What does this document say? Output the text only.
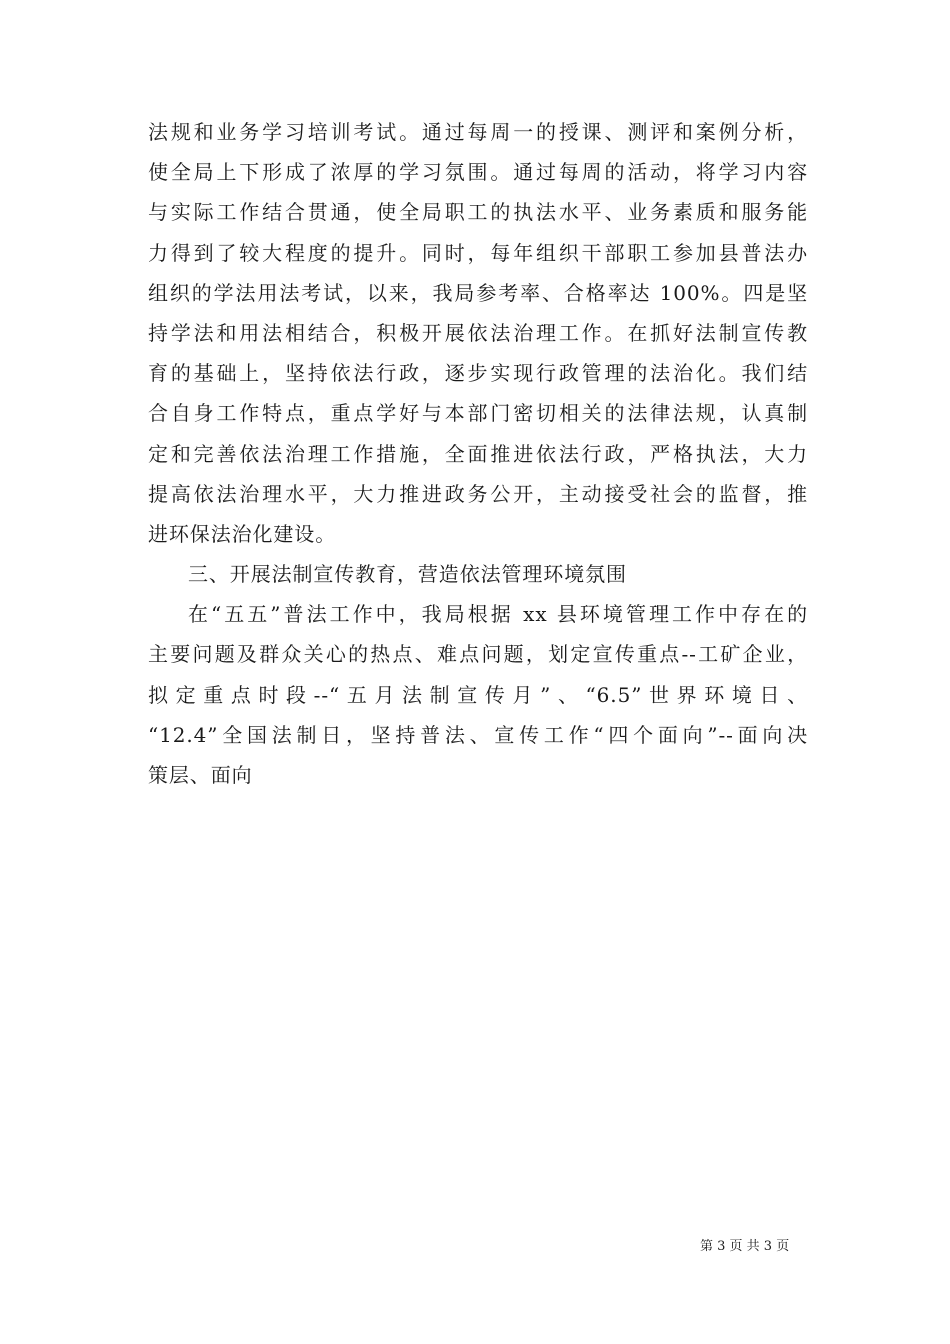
法规和业务学习培训考试。通过每周一的授课、测评和案例分析，
使全局上下形成了浓厚的学习氛围。通过每周的活动，将学习内容
与实际工作结合贯通，使全局职工的执法水平、业务素质和服务能
力得到了较大程度的提升。同时，每年组织干部职工参加县普法办
组织的学法用法考试，以来，我局参考率、合格率达 100%。四是坚
持学法和用法相结合，积极开展依法治理工作。在抓好法制宣传教
育的基础上，坚持依法行政，逐步实现行政管理的法治化。我们结
合自身工作特点，重点学好与本部门密切相关的法律法规，认真制
定和完善依法治理工作措施，全面推进依法行政，严格执法，大力
提高依法治理水平，大力推进政务公开，主动接受社会的监督，推
进环保法治化建设。
三、开展法制宣传教育，营造依法管理环境氛围
在“五五”普法工作中，我局根据 xx 县环境管理工作中存在的
主要问题及群众关心的热点、难点问题，划定宣传重点--工矿企业，
拟定重点时段--“五月法制宣传月”、“6.5”世界环境日、
“12.4”全国法制日，坚持普法、宣传工作“四个面向”--面向决
策层、面向
第 3 页 共 3 页
